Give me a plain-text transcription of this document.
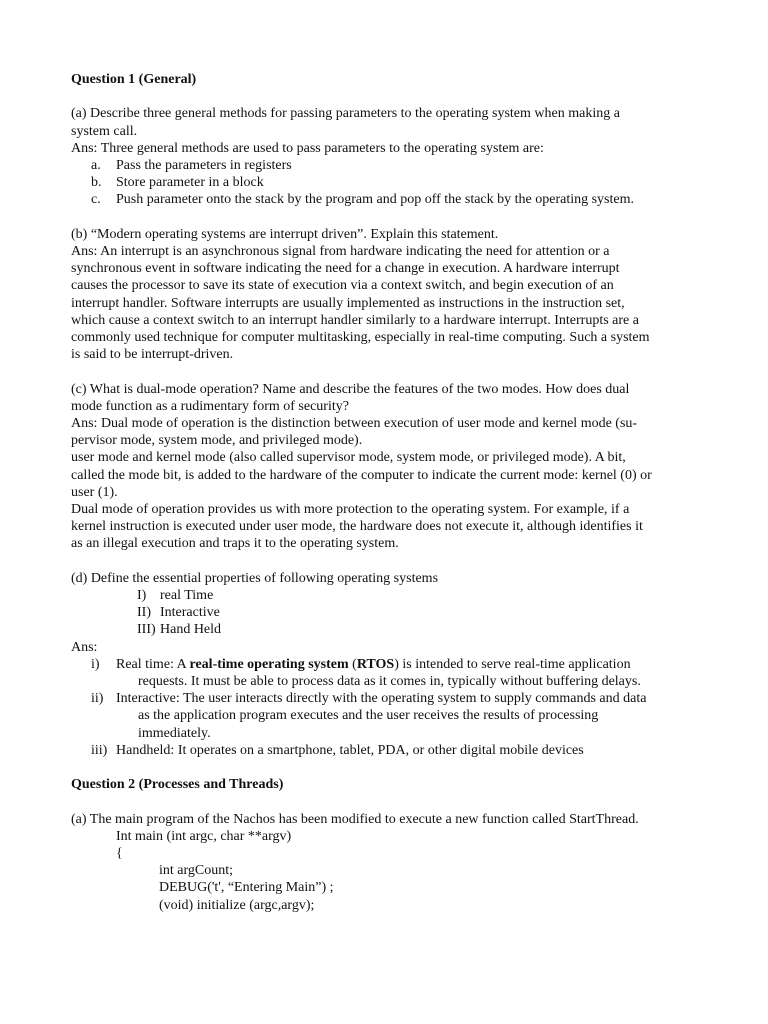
Question 1 (General)
(a) Describe three general methods for passing parameters to the operating system when making a
system call.
Ans: Three general methods are used to pass parameters to the operating system are:
a. Pass the parameters in registers
b. Store parameter in a block
c. Push parameter onto the stack by the program and pop off the stack by the operating system.
(b) “Modern operating systems are interrupt driven”. Explain this statement.
Ans: An interrupt is an asynchronous signal from hardware indicating the need for attention or a
synchronous event in software indicating the need for a change in execution. A hardware interrupt
causes the processor to save its state of execution via a context switch, and begin execution of an
interrupt handler. Software interrupts are usually implemented as instructions in the instruction set,
which cause a context switch to an interrupt handler similarly to a hardware interrupt. Interrupts are a
commonly used technique for computer multitasking, especially in real-time computing. Such a system
is said to be interrupt-driven.
(c) What is dual-mode operation? Name and describe the features of the two modes. How does dual
mode function as a rudimentary form of security?
Ans: Dual mode of operation is the distinction between execution of user mode and kernel mode (su-
pervisor mode, system mode, and privileged mode).
user mode and kernel mode (also called supervisor mode, system mode, or privileged mode). A bit,
called the mode bit, is added to the hardware of the computer to indicate the current mode: kernel (0) or
user (1).
Dual mode of operation provides us with more protection to the operating system. For example, if a
kernel instruction is executed under user mode, the hardware does not execute it, although identifies it
as an illegal execution and traps it to the operating system.
(d) Define the essential properties of following operating systems
I) real Time
II) Interactive
III) Hand Held
Ans:
i) Real time: A real-time operating system (RTOS) is intended to serve real-time application
requests. It must be able to process data as it comes in, typically without buffering delays.
ii) Interactive: The user interacts directly with the operating system to supply commands and data
as the application program executes and the user receives the results of processing
immediately.
iii) Handheld: It operates on a smartphone, tablet, PDA, or other digital mobile devices
Question 2 (Processes and Threads)
(a) The main program of the Nachos has been modified to execute a new function called StartThread.
Int main (int argc, char **argv)
{
int argCount;
DEBUG('t', “Entering Main”) ;
(void) initialize (argc,argv);
